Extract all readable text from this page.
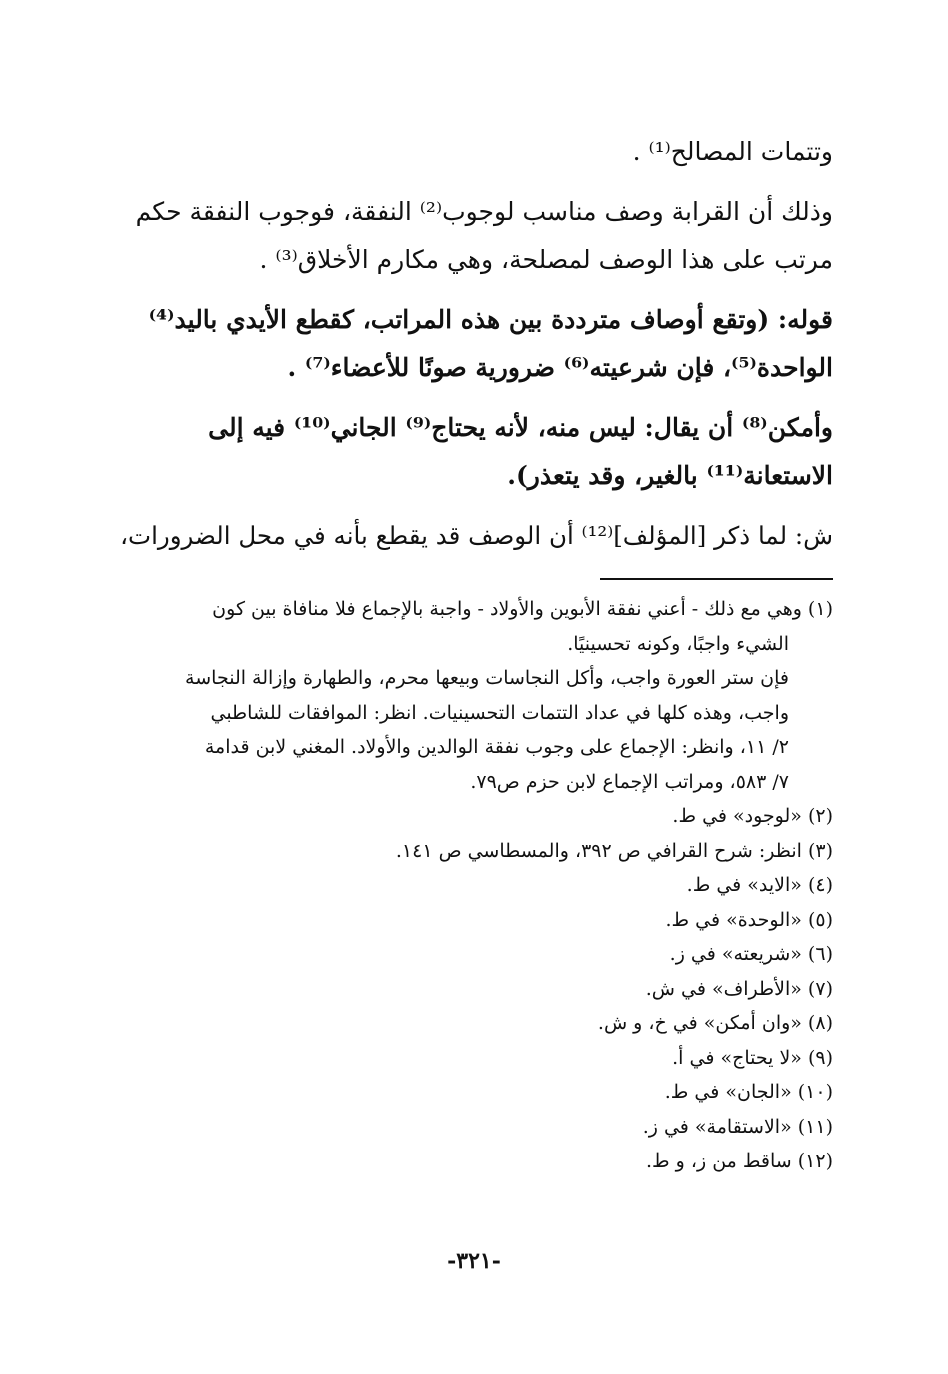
وتتمات المصالح⁽¹⁾ .
وذلك أن القرابة وصف مناسب لوجوب⁽²⁾ النفقة، فوجوب النفقة حكم
مرتب على هذا الوصف لمصلحة، وهي مكارم الأخلاق⁽³⁾ .
قوله: (وتقع أوصاف مترددة بين هذه المراتب، كقطع الأيدي باليد⁽⁴⁾
الواحدة⁽⁵⁾، فإن شرعيته⁽⁶⁾ ضرورية صونًا للأعضاء⁽⁷⁾ .
وأمكن⁽⁸⁾ أن يقال: ليس منه، لأنه يحتاج⁽⁹⁾ الجاني⁽¹⁰⁾ فيه إلى
الاستعانة⁽¹¹⁾ بالغير، وقد يتعذر).
ش: لما ذكر [المؤلف]⁽¹²⁾ أن الوصف قد يقطع بأنه في محل الضرورات،
(١) وهي مع ذلك - أعني نفقة الأبوين والأولاد - واجبة بالإجماع فلا منافاة بين كون
الشيء واجبًا، وكونه تحسينيًا.
فإن ستر العورة واجب، وأكل النجاسات وبيعها محرم، والطهارة وإزالة النجاسة
واجب، وهذه كلها في عداد التتمات التحسينيات. انظر: الموافقات للشاطبي
٢/ ١١، وانظر: الإجماع على وجوب نفقة الوالدين والأولاد. المغني لابن قدامة
٧/ ٥٨٣، ومراتب الإجماع لابن حزم ص٧٩.
(٢) «لوجود» في ط.
(٣) انظر: شرح القرافي ص ٣٩٢، والمسطاسي ص ١٤١.
(٤) «الايد» في ط.
(٥) «الوحدة» في ط.
(٦) «شريعته» في ز.
(٧) «الأطراف» في ش.
(٨) «وان أمكن» في خ، و ش.
(٩) «لا يحتاج» في أ.
(١٠) «الجان» في ط.
(١١) «الاستقامة» في ز.
(١٢) ساقط من ز، و ط.
-٣٢١-
